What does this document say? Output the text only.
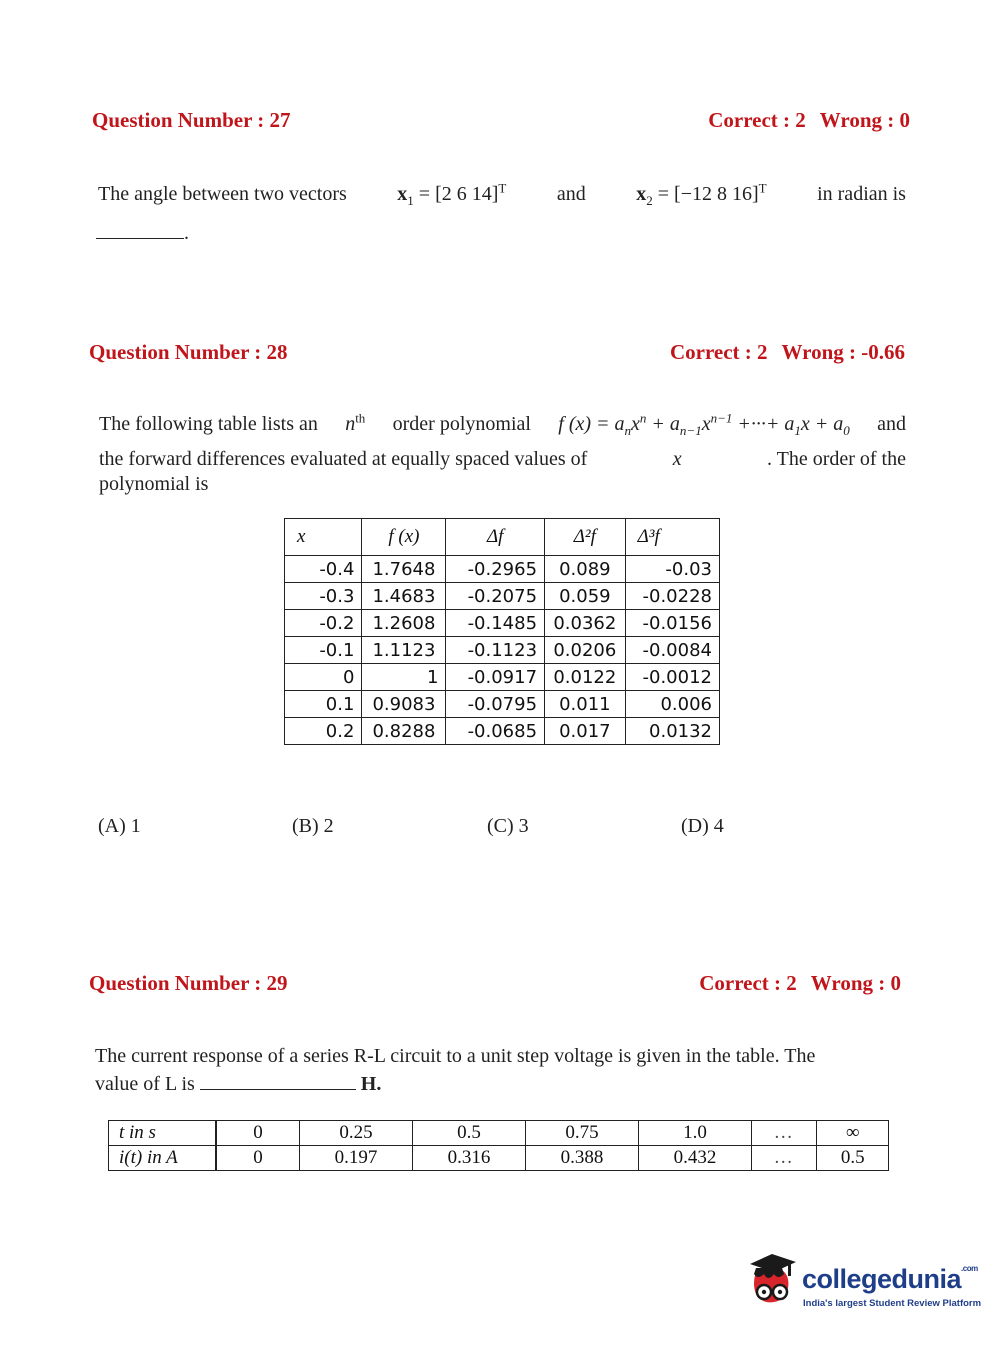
Question Number : 27	Correct : 2 Wrong : 0
The angle between two vectors	$x_1 = [2$ 6 14]$^T$	and	$x_2 = [-12$ 8 16]$^T$	in radian is
.
Question Number : 28	Correct : 2 Wrong : -0.66
The following table lists an $n^{th}$ order polynomial f $(x) = a_nx^n + a_{n-1}x^{n-1}$ +···+ $a_1x + a_0$ and
the forward differences evaluated at equally spaced values of	x	. The order of the
polynomial is
x	f (x)	Δf	Δ²f	Δ³f
-0.4	1.7648	-0.2965	0.089	-0.03
-0.3	1.4683	-0.2075	0.059	-0.0228
-0.2	1.2608	-0.1485	0.0362	-0.0156
-0.1	1.1123	-0.1123	0.0206	-0.0084
0	1	-0.0917	0.0122	-0.0012
0.1	0.9083	-0.0795	0.011	0.006
0.2	0.8288	-0.0685	0.017	0.0132
(A) 1	(B) 2	(C) 3	(D) 4
Question Number : 29	Correct : 2 Wrong : 0
The current response of a series R-L circuit to a unit step voltage is given in the table. The
value of L is	H.
t in s	0	0.25	0.5	0.75	1.0	…	∞
i(t) in A	0	0.197	0.316	0.388	0.432	…	0.5
collegedunia$^{.com}$
India's largest Student Review Platform
